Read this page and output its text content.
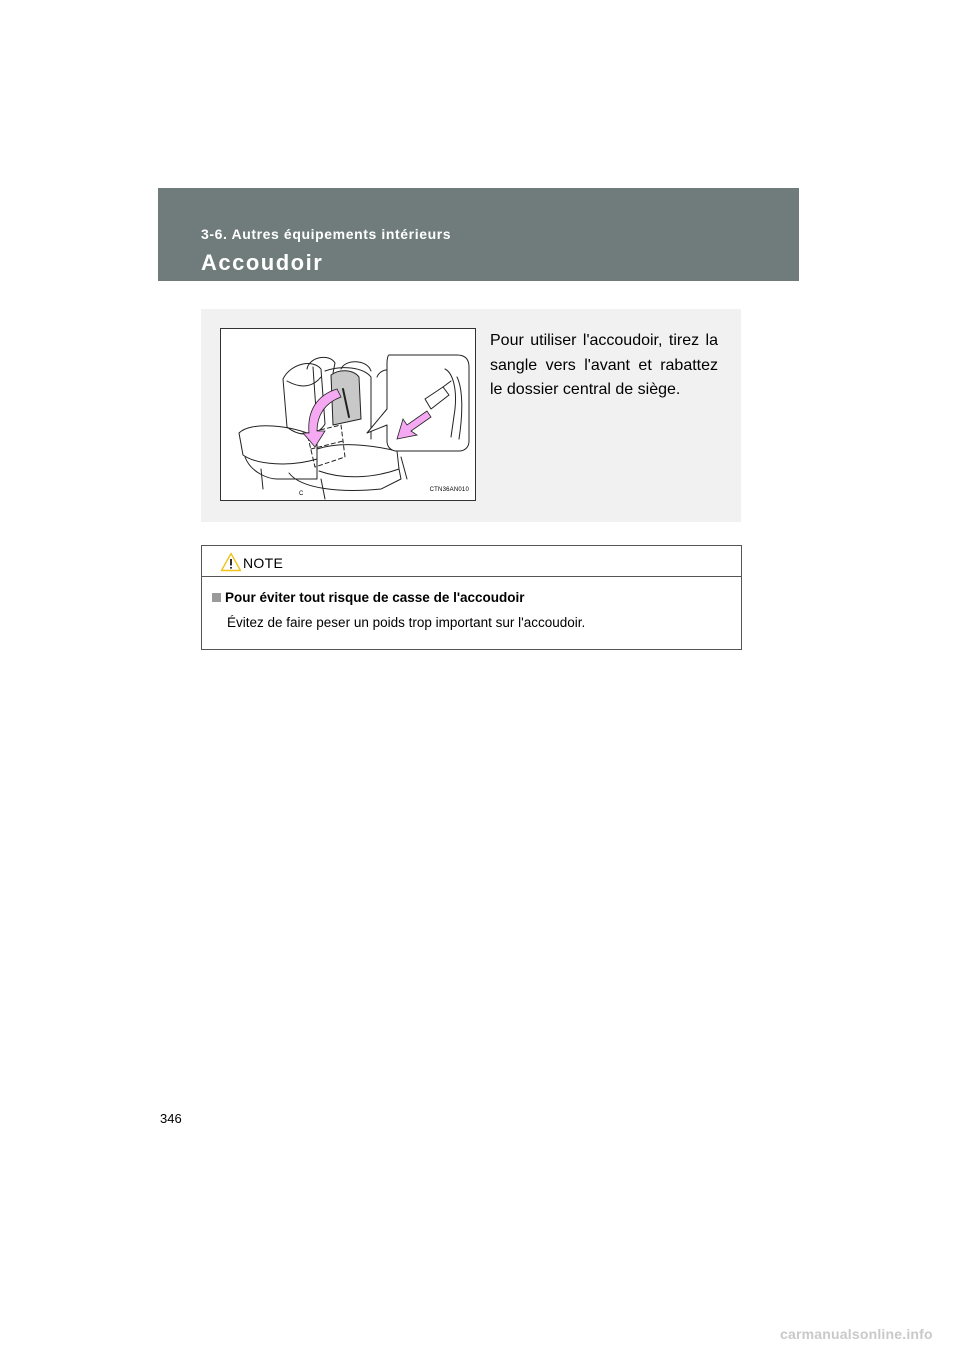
3-6. Autres équipements intérieurs
Accoudoir
C
CTN36AN010
Pour utiliser l'accoudoir, tirez la sangle vers l'avant et rabattez le dossier central de siège.
NOTE
Pour éviter tout risque de casse de l'accoudoir
Évitez de faire peser un poids trop important sur l'accoudoir.
346
carmanualsonline.info
